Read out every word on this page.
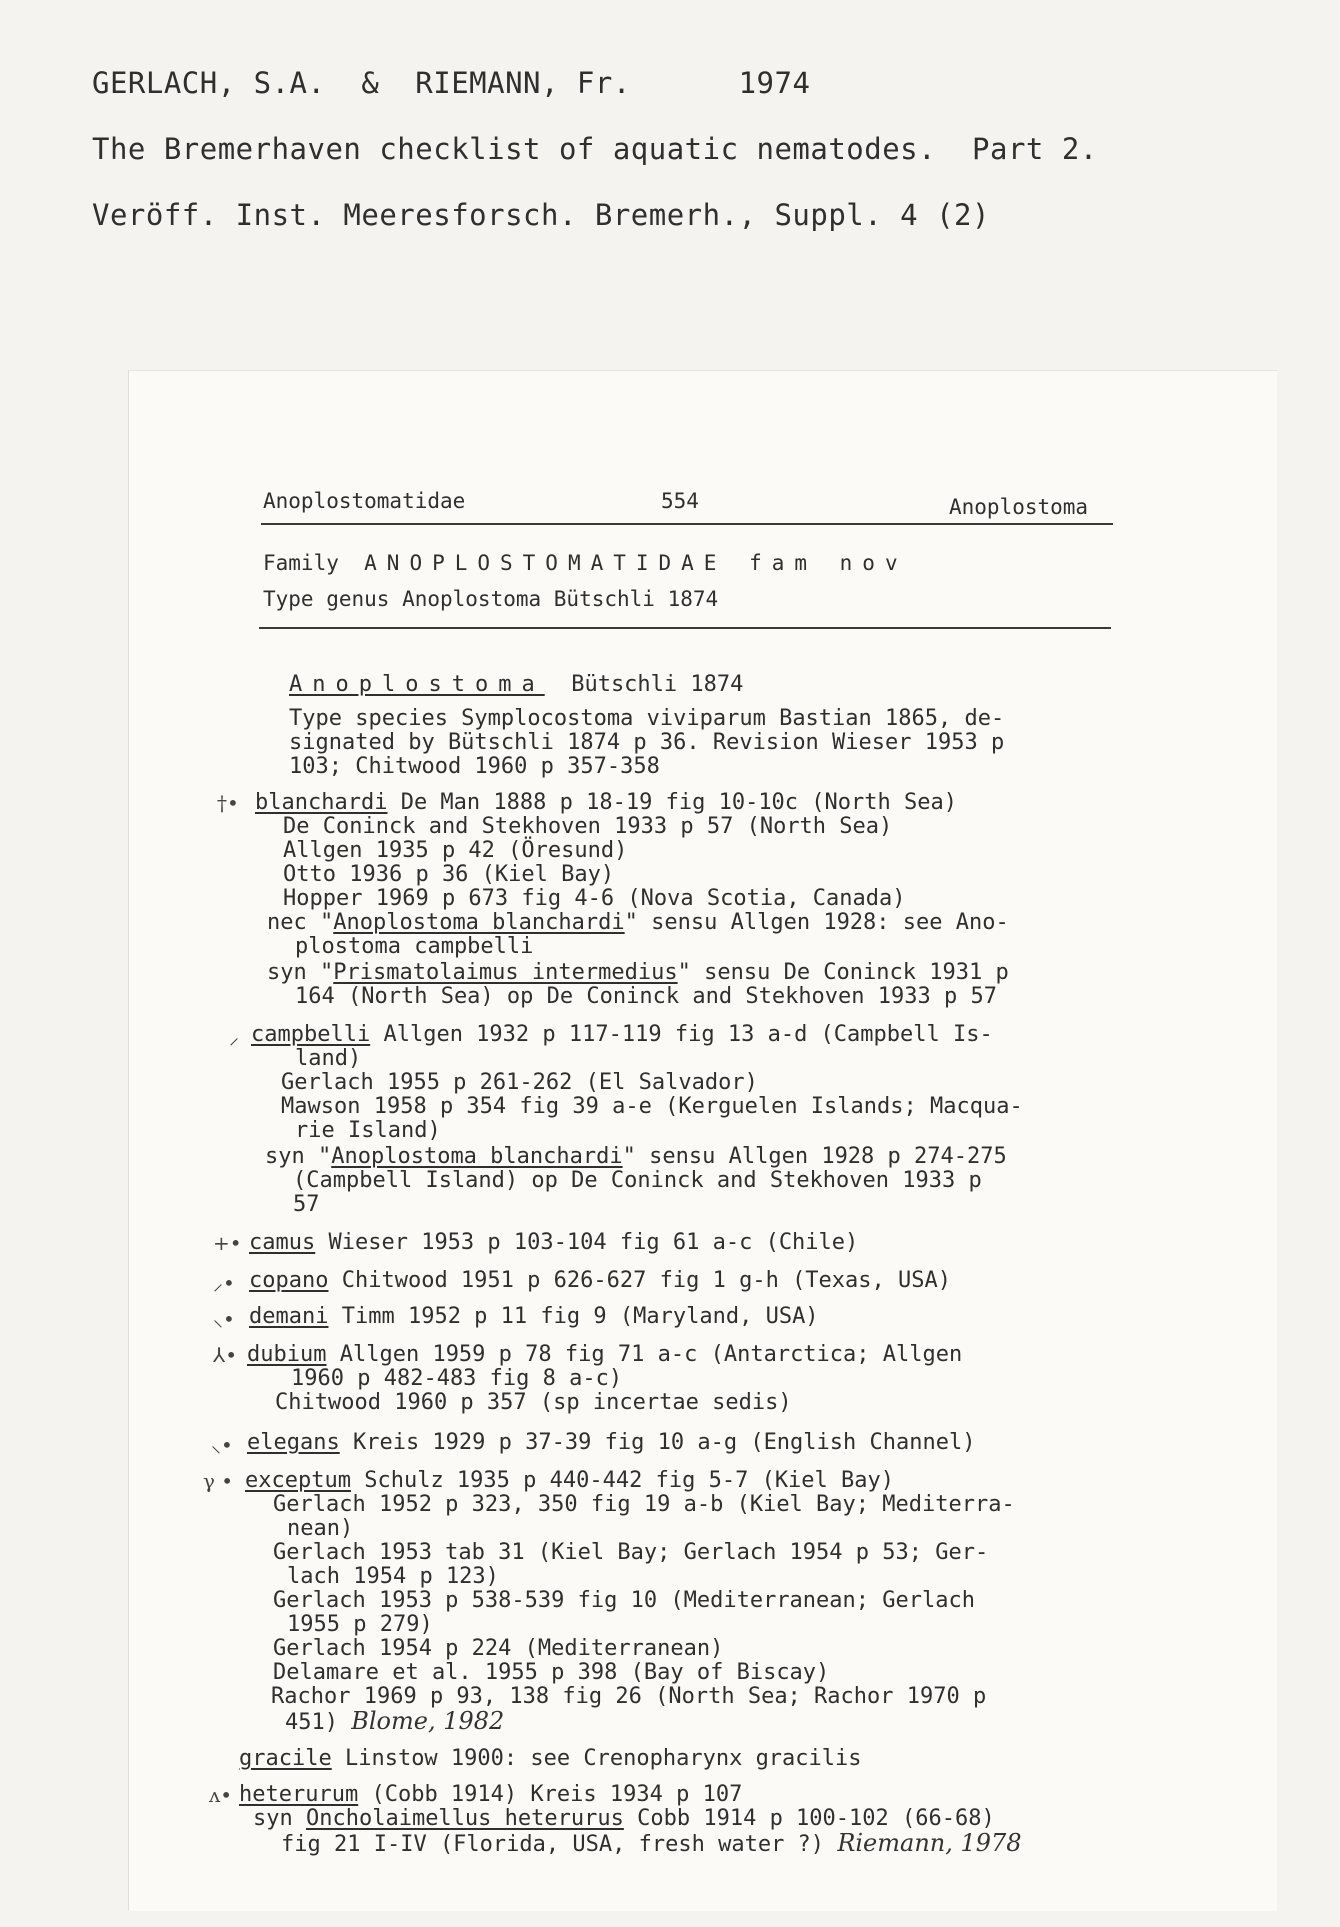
GERLACH, S.A.  &  RIEMANN, Fr.	1974
The Bremerhaven checklist of aquatic nematodes. Part 2.
Veröff. Inst. Meeresforsch. Bremerh., Suppl. 4 (2)
Anoplostomatidae	554	Anoplostoma
Family ANOPLOSTOMATIDAE fam nov
Type genus Anoplostoma Bütschli 1874
Anoplostoma Bütschli 1874
Type species Symplocostoma viviparum Bastian 1865, de-
signated by Bütschli 1874 p 36. Revision Wieser 1953 p
103; Chitwood 1960 p 357-358
†• blanchardi De Man 1888 p 18-19 fig 10-10c (North Sea)
De Coninck and Stekhoven 1933 p 57 (North Sea)
Allgen 1935 p 42 (Öresund)
Otto 1936 p 36 (Kiel Bay)
Hopper 1969 p 673 fig 4-6 (Nova Scotia, Canada)
nec "Anoplostoma blanchardi" sensu Allgen 1928: see Ano-
plostoma campbelli
syn "Prismatolaimus intermedius" sensu De Coninck 1931 p
164 (North Sea) op De Coninck and Stekhoven 1933 p 57
⸝ campbelli Allgen 1932 p 117-119 fig 13 a-d (Campbell Is-
land)
Gerlach 1955 p 261-262 (El Salvador)
Mawson 1958 p 354 fig 39 a-e (Kerguelen Islands; Macqua-
rie Island)
syn "Anoplostoma blanchardi" sensu Allgen 1928 p 274-275
(Campbell Island) op De Coninck and Stekhoven 1933 p
57
+• camus Wieser 1953 p 103-104 fig 61 a-c (Chile)
⸝• copano Chitwood 1951 p 626-627 fig 1 g-h (Texas, USA)
⸜• demani Timm 1952 p 11 fig 9 (Maryland, USA)
⅄• dubium Allgen 1959 p 78 fig 71 a-c (Antarctica; Allgen
1960 p 482-483 fig 8 a-c)
Chitwood 1960 p 357 (sp incertae sedis)
⸜• elegans Kreis 1929 p 37-39 fig 10 a-g (English Channel)
γ • exceptum Schulz 1935 p 440-442 fig 5-7 (Kiel Bay)
Gerlach 1952 p 323, 350 fig 19 a-b (Kiel Bay; Mediterra-
nean)
Gerlach 1953 tab 31 (Kiel Bay; Gerlach 1954 p 53; Ger-
lach 1954 p 123)
Gerlach 1953 p 538-539 fig 10 (Mediterranean; Gerlach
1955 p 279)
Gerlach 1954 p 224 (Mediterranean)
Delamare et al. 1955 p 398 (Bay of Biscay)
Rachor 1969 p 93, 138 fig 26 (North Sea; Rachor 1970 p
451) Blome, 1982
gracile Linstow 1900: see Crenopharynx gracilis
ʌ• heterurum (Cobb 1914) Kreis 1934 p 107
syn Oncholaimellus heterurus Cobb 1914 p 100-102 (66-68)
fig 21 I-IV (Florida, USA, fresh water ?) Riemann, 1978
